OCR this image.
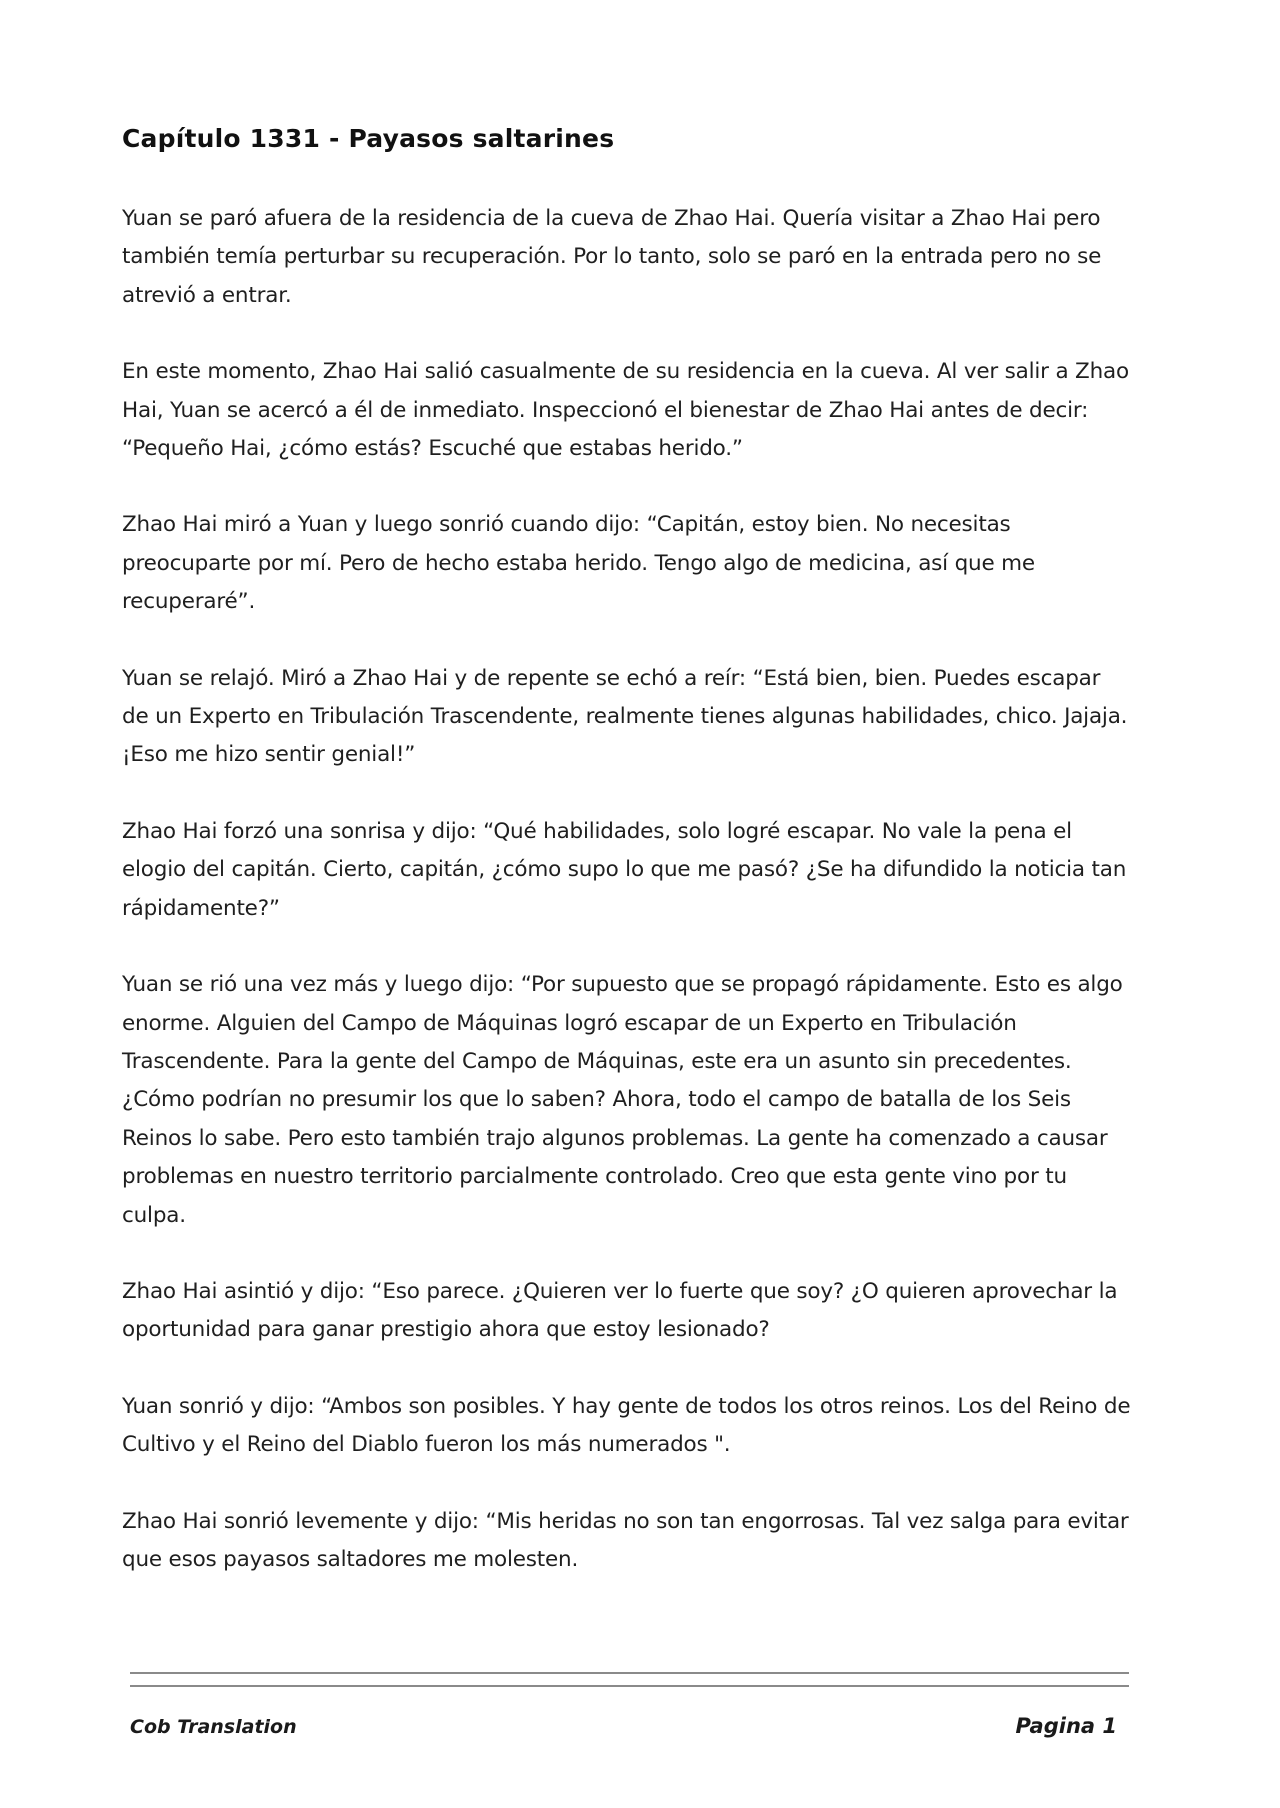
Capítulo 1331 - Payasos saltarines

Yuan se paró afuera de la residencia de la cueva de Zhao Hai. Quería visitar a Zhao Hai pero también temía perturbar su recuperación. Por lo tanto, solo se paró en la entrada pero no se atrevió a entrar.

En este momento, Zhao Hai salió casualmente de su residencia en la cueva. Al ver salir a Zhao Hai, Yuan se acercó a él de inmediato. Inspeccionó el bienestar de Zhao Hai antes de decir: “Pequeño Hai, ¿cómo estás? Escuché que estabas herido.”

Zhao Hai miró a Yuan y luego sonrió cuando dijo: “Capitán, estoy bien. No necesitas preocuparte por mí. Pero de hecho estaba herido. Tengo algo de medicina, así que me recuperaré”.

Yuan se relajó. Miró a Zhao Hai y de repente se echó a reír: “Está bien, bien. Puedes escapar de un Experto en Tribulación Trascendente, realmente tienes algunas habilidades, chico. Jajaja. ¡Eso me hizo sentir genial!”

Zhao Hai forzó una sonrisa y dijo: “Qué habilidades, solo logré escapar. No vale la pena el elogio del capitán. Cierto, capitán, ¿cómo supo lo que me pasó? ¿Se ha difundido la noticia tan rápidamente?”

Yuan se rió una vez más y luego dijo: “Por supuesto que se propagó rápidamente. Esto es algo enorme. Alguien del Campo de Máquinas logró escapar de un Experto en Tribulación Trascendente. Para la gente del Campo de Máquinas, este era un asunto sin precedentes. ¿Cómo podrían no presumir los que lo saben? Ahora, todo el campo de batalla de los Seis Reinos lo sabe. Pero esto también trajo algunos problemas. La gente ha comenzado a causar problemas en nuestro territorio parcialmente controlado. Creo que esta gente vino por tu culpa.

Zhao Hai asintió y dijo: “Eso parece. ¿Quieren ver lo fuerte que soy? ¿O quieren aprovechar la oportunidad para ganar prestigio ahora que estoy lesionado?

Yuan sonrió y dijo: “Ambos son posibles. Y hay gente de todos los otros reinos. Los del Reino de Cultivo y el Reino del Diablo fueron los más numerados ".

Zhao Hai sonrió levemente y dijo: “Mis heridas no son tan engorrosas. Tal vez salga para evitar que esos payasos saltadores me molesten.

Cob Translation	Pagina 1
